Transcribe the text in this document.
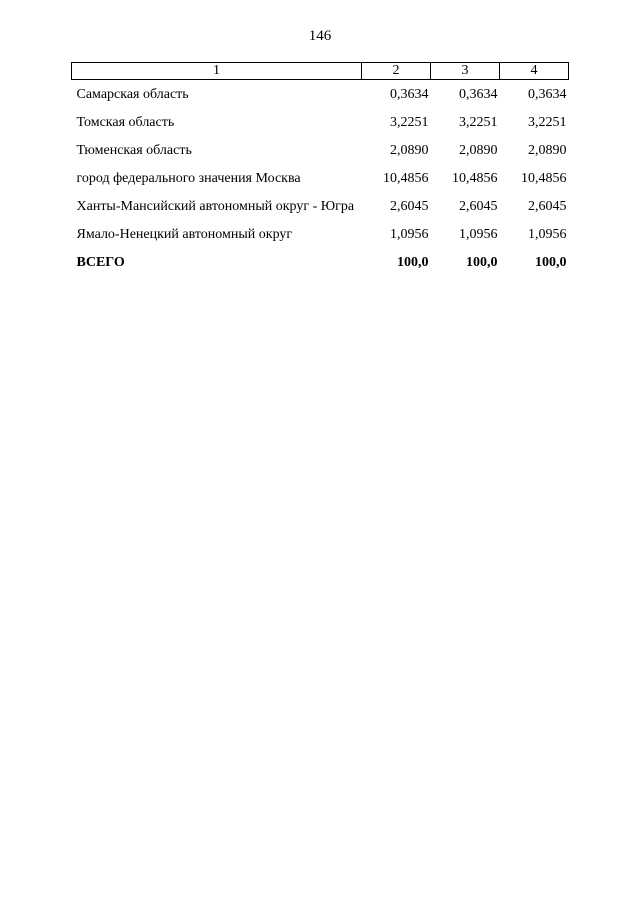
146
1	2	3	4
Самарская область	0,3634	0,3634	0,3634
Томская область	3,2251	3,2251	3,2251
Тюменская область	2,0890	2,0890	2,0890
город федерального значения Москва	10,4856	10,4856	10,4856
Ханты-Мансийский автономный округ - Югра	2,6045	2,6045	2,6045
Ямало-Ненецкий автономный округ	1,0956	1,0956	1,0956
ВСЕГО	100,0	100,0	100,0
